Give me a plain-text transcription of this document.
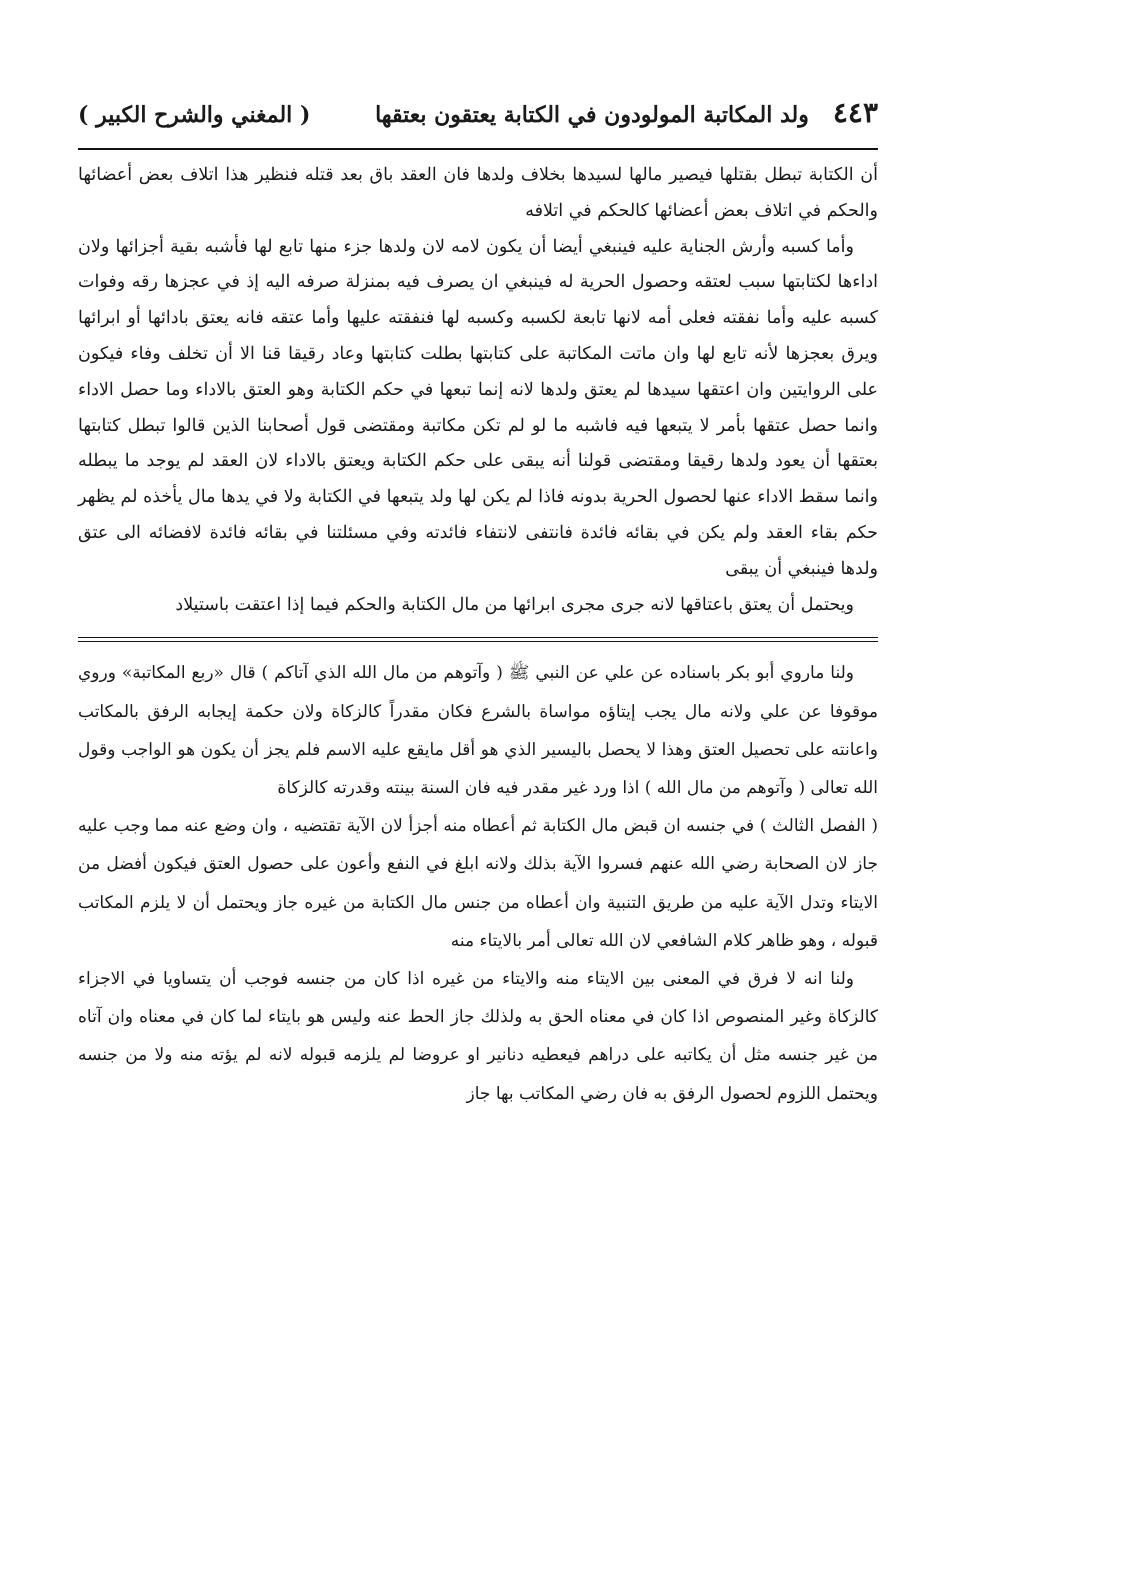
٤٤٣
ولد المكاتبة المولودون في الكتابة يعتقون بعتقها
( المغني والشرح الكبير )

أن الكتابة تبطل بقتلها فيصير مالها لسيدها بخلاف ولدها فان العقد باق بعد قتله فنظير هذا اتلاف بعض أعضائها والحكم في اتلاف بعض أعضائها كالحكم في اتلافه

وأما كسبه وأرش الجناية عليه فينبغي أيضا أن يكون لامه لان ولدها جزء منها تابع لها فأشبه بقية أجزائها ولان اداءها لكتابتها سبب لعتقه وحصول الحرية له فينبغي ان يصرف فيه بمنزلة صرفه اليه إذ في عجزها رقه وفوات كسبه عليه وأما نفقته فعلى أمه لانها تابعة لكسبه وكسبه لها فنفقته عليها وأما عتقه فانه يعتق بادائها أو ابرائها ويرق بعجزها لأنه تابع لها وان ماتت المكاتبة على كتابتها بطلت كتابتها وعاد رقيقا قنا الا أن تخلف وفاء فيكون على الروايتين وان اعتقها سيدها لم يعتق ولدها لانه إنما تبعها في حكم الكتابة وهو العتق بالاداء وما حصل الاداء وانما حصل عتقها بأمر لا يتبعها فيه فاشبه ما لو لم تكن مكاتبة ومقتضى قول أصحابنا الذين قالوا تبطل كتابتها بعتقها أن يعود ولدها رقيقا ومقتضى قولنا أنه يبقى على حكم الكتابة ويعتق بالاداء لان العقد لم يوجد ما يبطله وانما سقط الاداء عنها لحصول الحرية بدونه فاذا لم يكن لها ولد يتبعها في الكتابة ولا في يدها مال يأخذه لم يظهر حكم بقاء العقد ولم يكن في بقائه فائدة فانتفى لانتفاء فائدته وفي مسئلتنا في بقائه فائدة لافضائه الى عتق ولدها فينبغي أن يبقى

ويحتمل أن يعتق باعتاقها لانه جرى مجرى ابرائها من مال الكتابة والحكم فيما إذا اعتقت باستيلاد

ولنا ماروي أبو بكر باسناده عن علي عن النبي ﷺ ( وآتوهم من مال الله الذي آتاكم ) قال «ربع المكاتبة» وروي موقوفا عن علي ولانه مال يجب إيتاؤه مواساة بالشرع فكان مقدراً كالزكاة ولان حكمة إيجابه الرفق بالمكاتب واعانته على تحصيل العتق وهذا لا يحصل باليسير الذي هو أقل مايقع عليه الاسم فلم يجز أن يكون هو الواجب وقول الله تعالى ( وآتوهم من مال الله ) اذا ورد غير مقدر فيه فان السنة بينته وقدرته كالزكاة

( الفصل الثالث ) في جنسه ان قبض مال الكتابة ثم أعطاه منه أجزأ لان الآية تقتضيه ، وان وضع عنه مما وجب عليه جاز لان الصحابة رضي الله عنهم فسروا الآية بذلك ولانه ابلغ في النفع وأعون على حصول العتق فيكون أفضل من الايتاء وتدل الآية عليه من طريق التنبية وان أعطاه من جنس مال الكتابة من غيره جاز ويحتمل أن لا يلزم المكاتب قبوله ، وهو ظاهر كلام الشافعي لان الله تعالى أمر بالايتاء منه

ولنا انه لا فرق في المعنى بين الايتاء منه والايتاء من غيره اذا كان من جنسه فوجب أن يتساويا في الاجزاء كالزكاة وغير المنصوص اذا كان في معناه الحق به ولذلك جاز الحط عنه وليس هو بايتاء لما كان في معناه وان آتاه من غير جنسه مثل أن يكاتبه على دراهم فيعطيه دنانير او عروضا لم يلزمه قبوله لانه لم يؤته منه ولا من جنسه ويحتمل اللزوم لحصول الرفق به فان رضي المكاتب بها جاز
